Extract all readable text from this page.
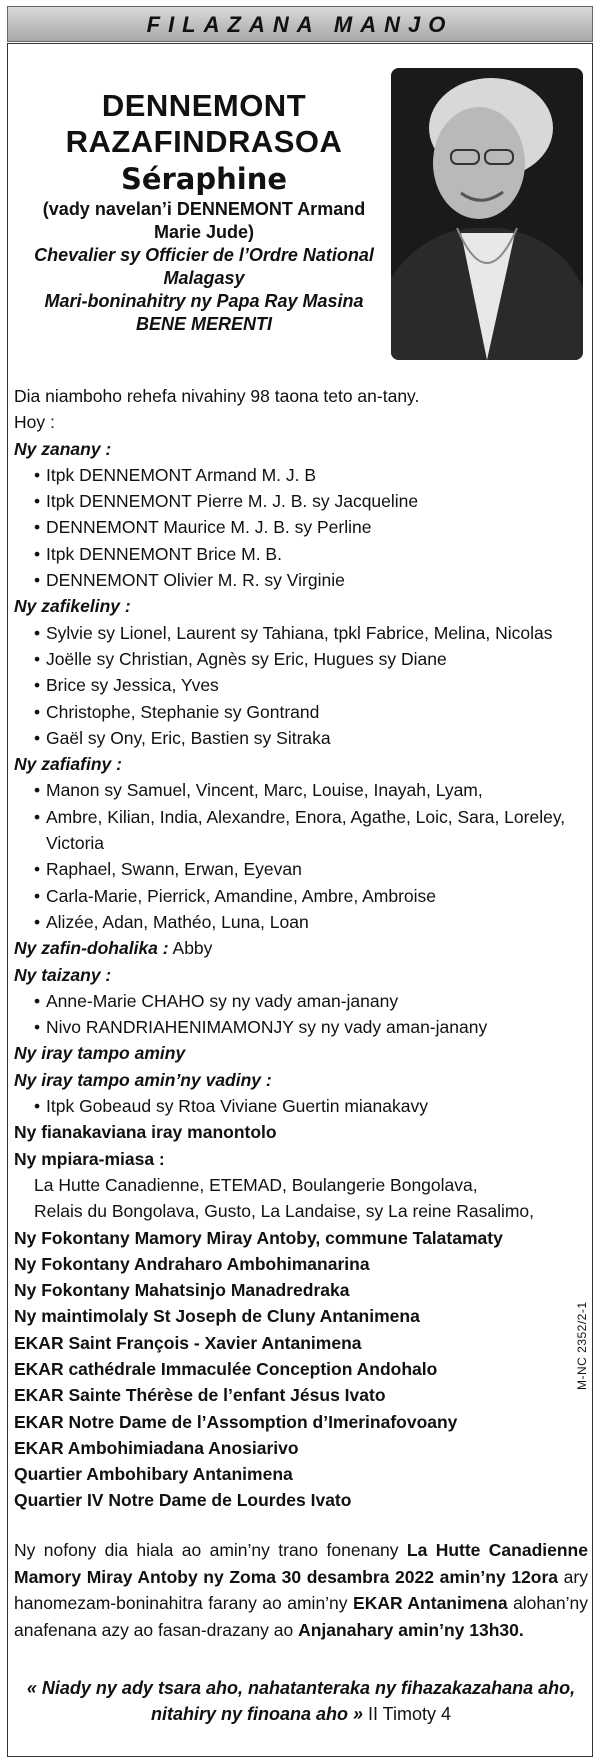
FILAZANA MANJO
DENNEMONT
RAZAFINDRASOA
Séraphine
(vady navelan’i DENNEMONT Armand
Marie Jude)
Chevalier sy Officier de l’Ordre National
Malagasy
Mari-boninahitry ny Papa Ray Masina
BENE MERENTI
Dia niamboho rehefa nivahiny 98 taona teto an-tany.
Hoy :
Ny zanany :
• Itpk DENNEMONT Armand M. J. B
• Itpk DENNEMONT Pierre M. J. B. sy Jacqueline
• DENNEMONT Maurice M. J. B. sy Perline
• Itpk DENNEMONT Brice M. B.
• DENNEMONT Olivier M. R. sy Virginie
Ny zafikeliny :
• Sylvie sy Lionel, Laurent sy Tahiana, tpkl Fabrice, Melina, Nicolas
• Joëlle sy Christian, Agnès sy Eric, Hugues sy Diane
• Brice sy Jessica, Yves
• Christophe, Stephanie sy Gontrand
• Gaël sy Ony, Eric, Bastien sy Sitraka
Ny zafiafiny :
• Manon sy Samuel, Vincent, Marc, Louise, Inayah, Lyam,
• Ambre, Kilian, India, Alexandre, Enora, Agathe, Loic, Sara, Loreley, Victoria
• Raphael, Swann, Erwan, Eyevan
• Carla-Marie, Pierrick, Amandine, Ambre, Ambroise
• Alizée, Adan, Mathéo, Luna, Loan
Ny zafin-dohalika : Abby
Ny taizany :
• Anne-Marie CHAHO sy ny vady aman-janany
• Nivo RANDRIAHENIMAMONJY sy ny vady aman-janany
Ny iray tampo aminy
Ny iray tampo amin’ny vadiny :
• Itpk Gobeaud sy Rtoa Viviane Guertin mianakavy
Ny fianakaviana iray manontolo
Ny mpiara-miasa :
La Hutte Canadienne, ETEMAD, Boulangerie Bongolava,
Relais du Bongolava, Gusto, La Landaise, sy La reine Rasalimo,
Ny Fokontany Mamory Miray Antoby, commune Talatamaty
Ny Fokontany Andraharo Ambohimanarina
Ny Fokontany Mahatsinjo Manadredraka
Ny maintimolaly St Joseph de Cluny Antanimena
EKAR Saint François - Xavier Antanimena
EKAR cathédrale Immaculée Conception Andohalo
EKAR Sainte Thérèse de l’enfant Jésus Ivato
EKAR Notre Dame de l’Assomption d’Imerinafovoany
EKAR Ambohimiadana Anosiarivo
Quartier Ambohibary Antanimena
Quartier IV Notre Dame de Lourdes Ivato
M-NC 2352/2-1
Ny nofony dia hiala ao amin’ny trano fonenany La Hutte Canadienne Mamory Miray Antoby ny Zoma 30 desambra 2022 amin’ny 12ora ary hanomezam-boninahitra farany ao amin’ny EKAR Antanimena alohan’ny anafenana azy ao fasan-drazany ao Anjanahary amin’ny 13h30.
« Niady ny ady tsara aho, nahatanteraka ny fihazakazahana aho, nitahiry ny finoana aho » II Timoty 4
